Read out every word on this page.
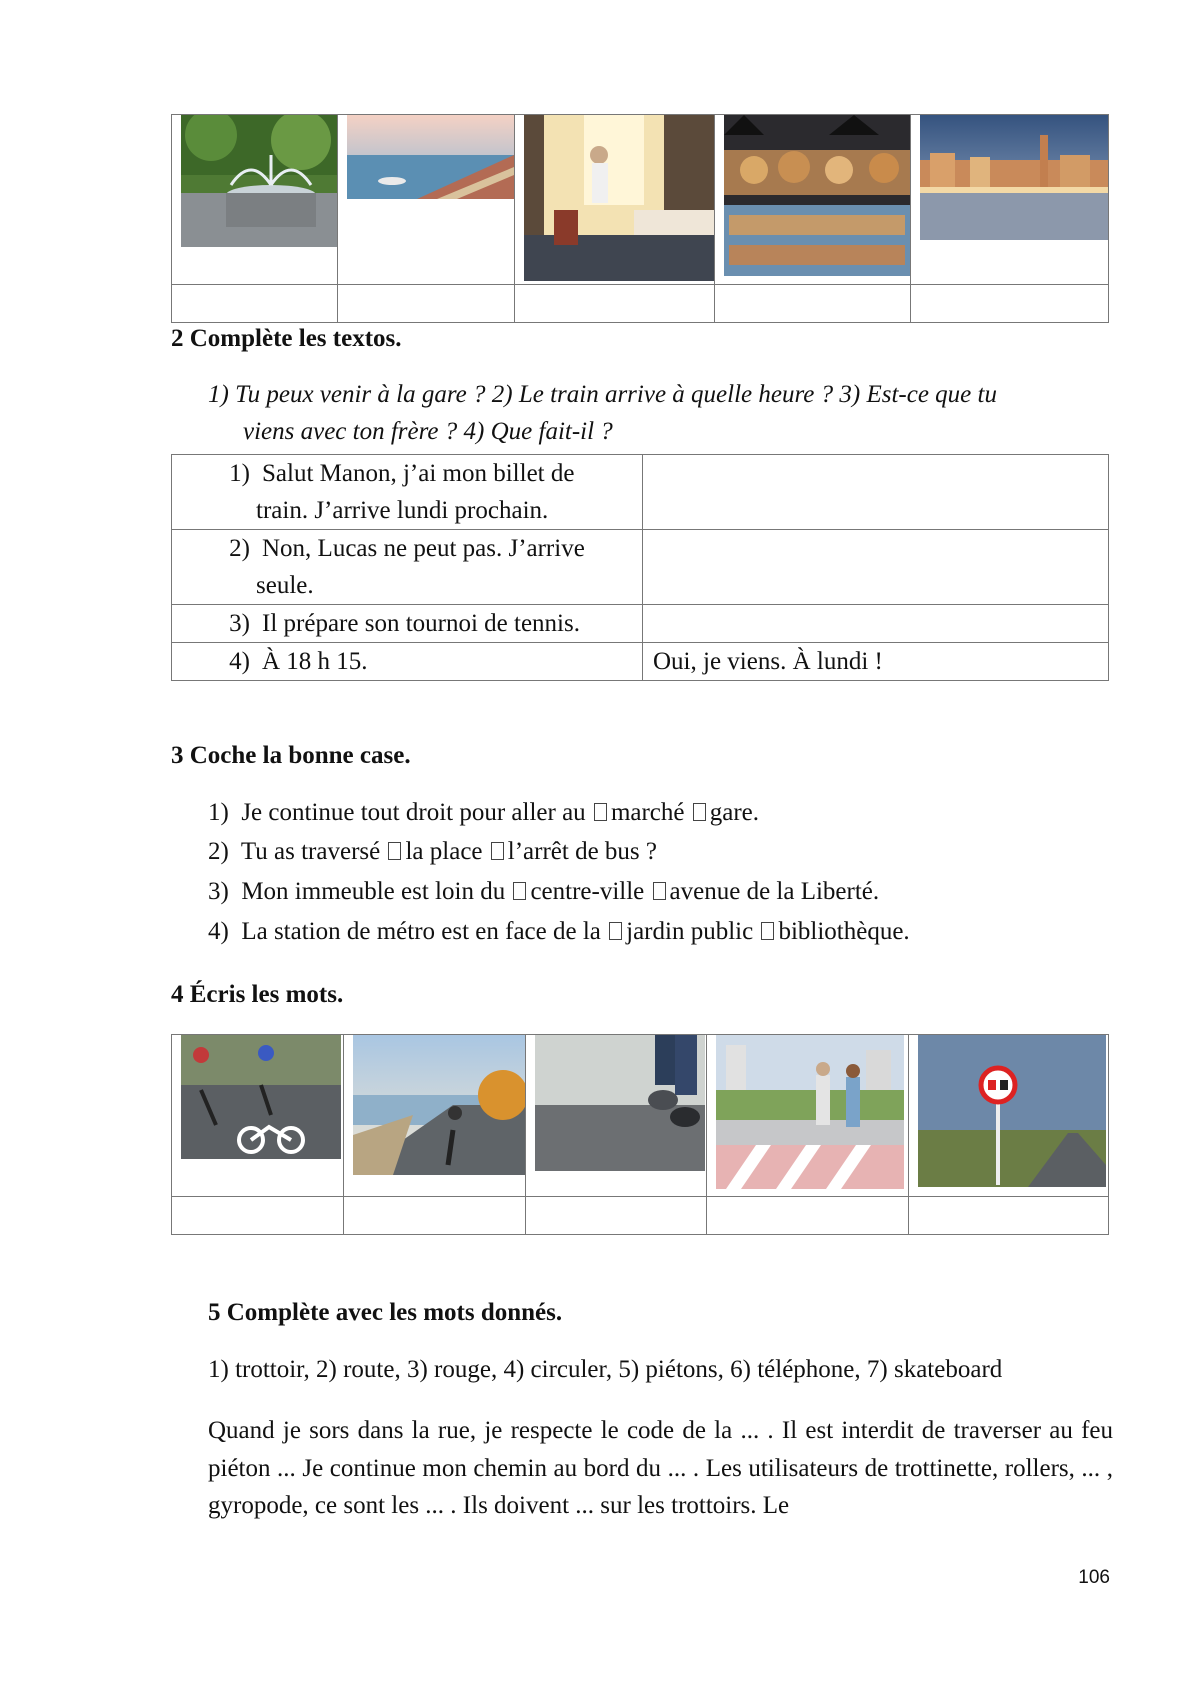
2 Complète les textos.
1) Tu peux venir à la gare ? 2) Le train arrive à quelle heure ? 3) Est-ce que tu
viens avec ton frère ? 4) Que fait-il ?
1) Salut Manon, j’ai mon billet de
train. J’arrive lundi prochain.	

2) Non, Lucas ne peut pas. J’arrive
seule.	

3) Il prépare son tournoi de tennis.	

4) À 18 h 15.	Oui, je viens. À lundi !
3 Coche la bonne case.
1) Je continue tout droit pour aller au marché gare.
2) Tu as traversé la place l’arrêt de bus ?
3) Mon immeuble est loin du centre-ville avenue de la Liberté.
4) La station de métro est en face de la jardin public bibliothèque.
4 Écris les mots.

5 Complète avec les mots donnés.
1) trottoir, 2) route, 3) rouge, 4) circuler, 5) piétons, 6) téléphone, 7) skateboard
Quand je sors dans la rue, je respecte le code de la ... . Il est interdit de traverser au feu piéton ... Je continue mon chemin au bord du ... . Les utilisateurs de trottinette, rollers, ... , gyropode, ce sont les ... . Ils doivent ... sur les trottoirs. Le
106
